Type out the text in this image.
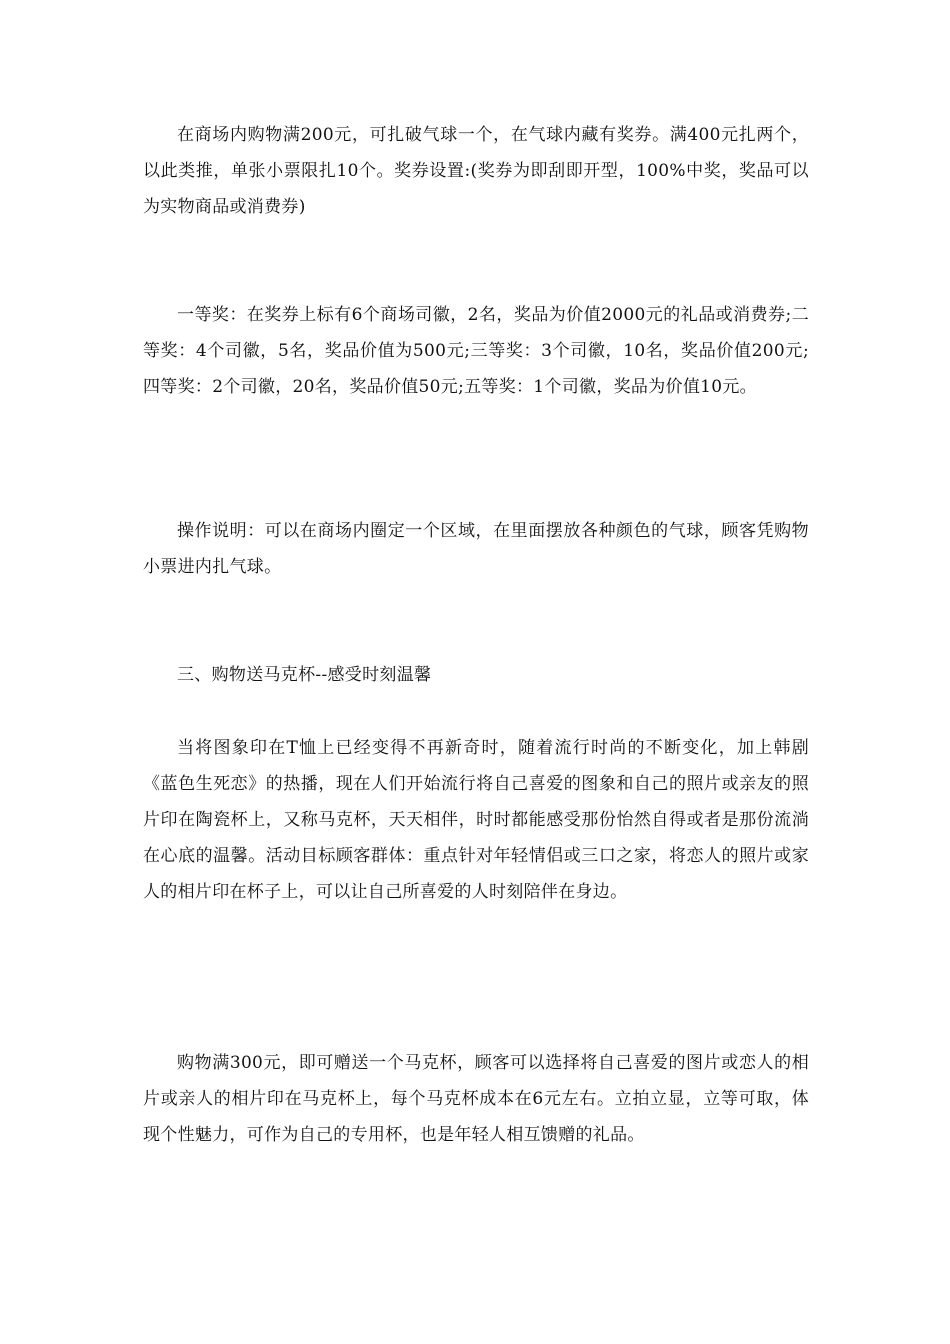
在商场内购物满200元，可扎破气球一个，在气球内藏有奖券。满400元扎两个，以此类推，单张小票限扎10个。奖券设置:(奖券为即刮即开型，100%中奖，奖品可以为实物商品或消费券)

一等奖：在奖券上标有6个商场司徽，2名，奖品为价值2000元的礼品或消费券;二等奖：4个司徽，5名，奖品价值为500元;三等奖：3个司徽，10名，奖品价值200元;四等奖：2个司徽，20名，奖品价值50元;五等奖：1个司徽，奖品为价值10元。

操作说明：可以在商场内圈定一个区域，在里面摆放各种颜色的气球，顾客凭购物小票进内扎气球。

三、购物送马克杯--感受时刻温馨

当将图象印在T恤上已经变得不再新奇时，随着流行时尚的不断变化，加上韩剧《蓝色生死恋》的热播，现在人们开始流行将自己喜爱的图象和自己的照片或亲友的照片印在陶瓷杯上，又称马克杯，天天相伴，时时都能感受那份怡然自得或者是那份流淌在心底的温馨。活动目标顾客群体：重点针对年轻情侣或三口之家，将恋人的照片或家人的相片印在杯子上，可以让自己所喜爱的人时刻陪伴在身边。

购物满300元，即可赠送一个马克杯，顾客可以选择将自己喜爱的图片或恋人的相片或亲人的相片印在马克杯上，每个马克杯成本在6元左右。立拍立显，立等可取，体现个性魅力，可作为自己的专用杯，也是年轻人相互馈赠的礼品。
